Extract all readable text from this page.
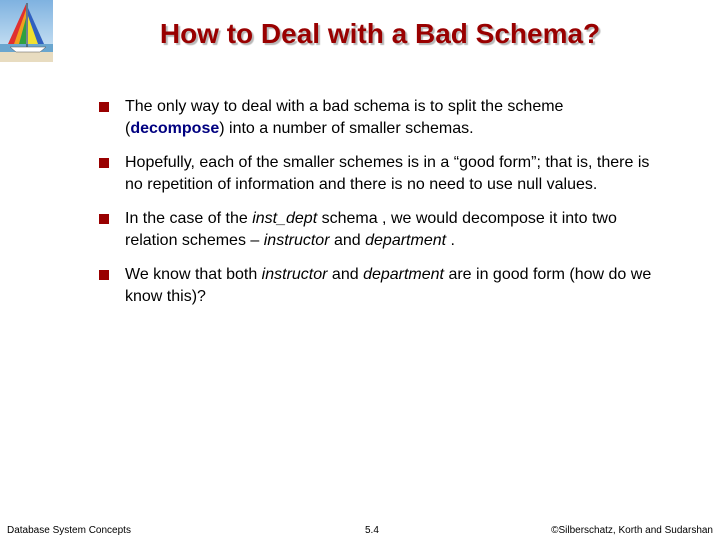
How to Deal with a Bad Schema?
The only way to deal with a bad schema is to split the scheme (decompose) into a number of smaller schemas.
Hopefully, each of the smaller schemes is in a “good form”; that is, there is no repetition of information and there is no need to use null values.
In the case of the inst_dept schema , we would decompose it into two relation schemes – instructor and department .
We know that both instructor and department are in good form (how do we know this)?
Database System Concepts	5.4	©Silberschatz, Korth and Sudarshan
